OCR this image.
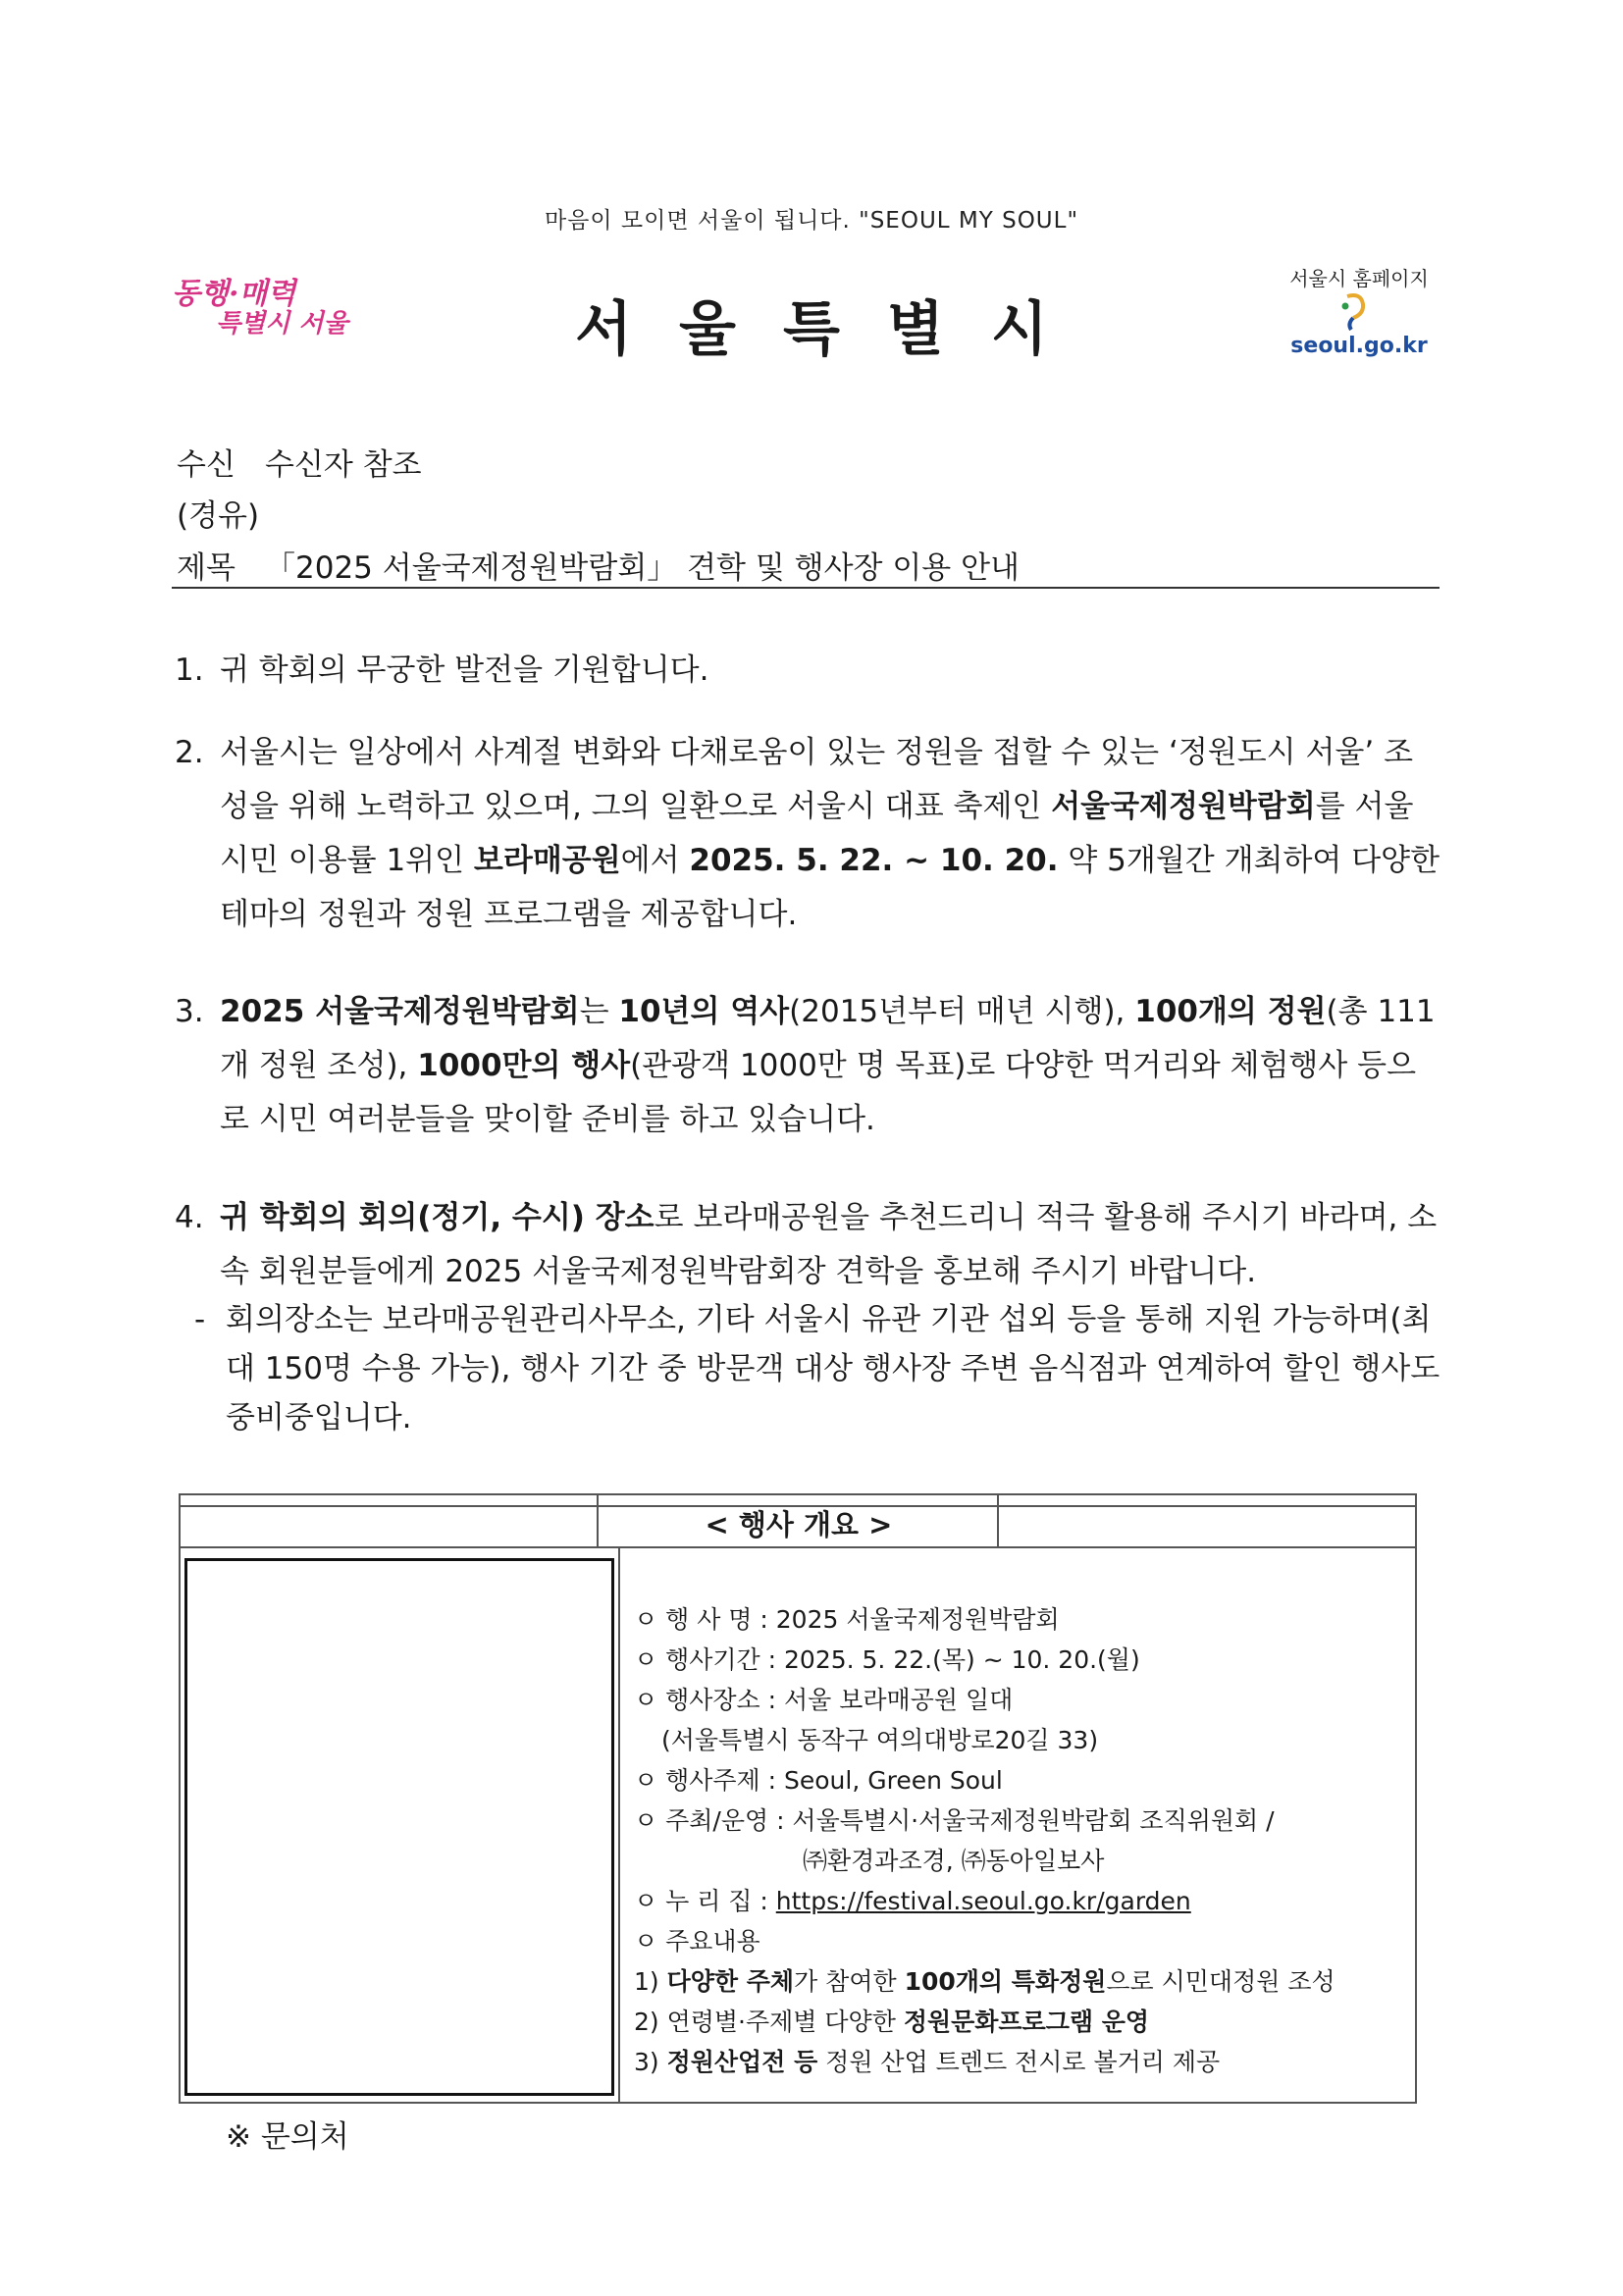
마음이 모이면 서울이 됩니다. "SEOUL MY SOUL"
동행·매력
특별시 서울	서울특별시
서울시 홈페이지
seoul.go.kr
수신 수신자 참조
(경유)
제목 「2025 서울국제정원박람회」 견학 및 행사장 이용 안내
1. 귀 학회의 무궁한 발전을 기원합니다.
2. 서울시는 일상에서 사계절 변화와 다채로움이 있는 정원을 접할 수 있는 ‘정원도시 서울’ 조성을 위해 노력하고 있으며, 그의 일환으로 서울시 대표 축제인 서울국제정원박람회를 서울시민 이용률 1위인 보라매공원에서 2025. 5. 22. ~ 10. 20. 약 5개월간 개최하여 다양한 테마의 정원과 정원 프로그램을 제공합니다.
3. 2025 서울국제정원박람회는 10년의 역사(2015년부터 매년 시행), 100개의 정원(총 111개 정원 조성), 1000만의 행사(관광객 1000만 명 목표)로 다양한 먹거리와 체험행사 등으로 시민 여러분들을 맞이할 준비를 하고 있습니다.
4. 귀 학회의 회의(정기, 수시) 장소로 보라매공원을 추천드리니 적극 활용해 주시기 바라며, 소속 회원분들에게 2025 서울국제정원박람회장 견학을 홍보해 주시기 바랍니다.
- 회의장소는 보라매공원관리사무소, 기타 서울시 유관 기관 섭외 등을 통해 지원 가능하며(최대 150명 수용 가능), 행사 기간 중 방문객 대상 행사장 주변 음식점과 연계하여 할인 행사도 중비중입니다.
< 행사 개요 >
ㅇ 행 사 명 : 2025 서울국제정원박람회
ㅇ 행사기간 : 2025. 5. 22.(목) ~ 10. 20.(월)
ㅇ 행사장소 : 서울 보라매공원 일대
(서울특별시 동작구 여의대방로20길 33)
ㅇ 행사주제 : Seoul, Green Soul
ㅇ 주최/운영 : 서울특별시·서울국제정원박람회 조직위원회 /
㈜환경과조경, ㈜동아일보사
ㅇ 누 리 집 : https://festival.seoul.go.kr/garden
ㅇ 주요내용
1) 다양한 주체가 참여한 100개의 특화정원으로 시민대정원 조성
2) 연령별·주제별 다양한 정원문화프로그램 운영
3) 정원산업전 등 정원 산업 트렌드 전시로 볼거리 제공
※ 문의처
